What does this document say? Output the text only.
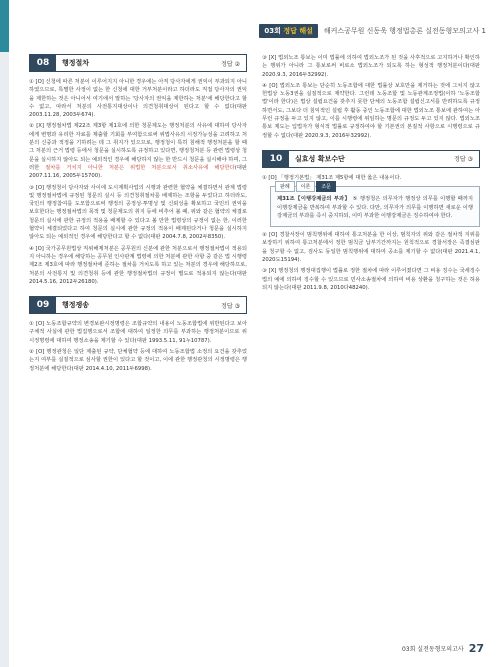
03회 정답 해설	해커스공무원 신동욱 행정법총론 실전동형모의고사 1
08	행정절차	정답 ②

① [O] 신청에 따른 처분이 이루어지지 아니한 경우에는 아직 당사자에게 권익이 부과되지 아니하였으므로, 특별한 사정이 없는 한 신청에 대한 거부처분이라고 하더라도 직접 당사자의 권익을 제한하는 것은 아니어서 여기에서 말하는 '당사자의 권익을 제한하는 처분'에 해당한다고 할 수 없고, 따라서 처분의 사전통지대상이나 의견청취대상이 된다고 할 수 없다(대판 2003.11.28, 2003두674).

② [X] 행정절차법 제22조 제3항 제1호에 의한 청문제도는 행정처분의 사유에 대하여 당사자에게 변명과 유리한 자료를 제출할 기회를 부여함으로써 위법사유의 시정가능성을 고려하고 처분의 신중과 적정을 기하려는 데 그 취지가 있으므로, 행정청이 특히 침해적 행정처분을 할 때 그 처분의 근거 법령 등에서 청문을 실시하도록 규정하고 있다면, 행정청처분 등 관련 법령상 청문을 실시하지 않아도 되는 예외적인 경우에 해당하지 않는 한 반드시 청문을 실시해야 하며, 그러한 절차를 거치지 아니한 처분은 위법한 처분으로서 취소사유에 해당한다(대판 2007.11.16, 2005두15700).

③ [O] 행정청이 당사자와 사이에 도시계획사업의 시행과 관련한 협약을 체결하면서 관계 법령 및 행정절차법에 규정된 청문의 실시 등 의견청취절차를 배제하는 조항을 두었다고 하더라도, 국민의 행정참여를 도모함으로써 행정의 공정성·투명성 및 신뢰성을 확보하고 국민의 권익을 보호한다는 행정절차법의 목적 및 청문제도의 취지 등에 비추어 볼 때, 위와 같은 협약의 체결로 청문의 실시에 관한 규정의 적용을 배제할 수 있다고 볼 만한 법령상의 규정이 없는 한, 이러한 협약이 체결되었다고 하여 청문의 실시에 관한 규정의 적용이 배제된다거나 청문을 실시하지 않아도 되는 예외적인 경우에 해당한다고 할 수 없다(대판 2004.7.8, 2002두8350).

④ [O] 국가공무원법상 직위해제처분은 공무원의 신분에 관한 처분으로서 행정절차법이 적용되지 아니하는 경우에 해당하는 공무원 인사관계 법령에 의한 처분에 관한 사항 중 같은 법 시행령 제2조 제3호에 따라 행정절차에 준하는 절차를 거치도록 하고 있는 처분의 경우에 해당하므로, 처분의 사전통지 및 의견청취 등에 관한 행정절차법의 규정이 별도로 적용되지 않는다(대판 2014.5.16, 2012두26180).

09	행정쟁송	정답 ③

① [O] 노동조합규약의 변경보완시정명령은 조합규약의 내용이 노동조합법에 위반된다고 보아 구체적 사실에 관한 법집행으로서 조합에 대하여 일정한 의무를 부과하는 행정처분이므로 위 시정명령에 대하여 행정소송을 제기할 수 있다(대판 1993.5.11, 91누10787).

② [O] 행정관청은 일단 제출된 규약, 단체협약 등에 대하여 노동조합법 소정의 요건을 갖추었는지 여부를 실질적으로 심사할 권한이 있다고 할 것이고, 이에 관한 행정관청의 시정명령은 행정처분에 해당한다(대판 2014.4.10, 2011두6998).

③ [X] 법외노조 통보는 이미 법률에 의하여 법외노조가 된 것을 사후적으로 고지하거나 확인하는 행위가 아니라 그 통보로써 비로소 법외노조가 되도록 하는 형성적 행정처분이다(대판 2020.9.3, 2016두32992).

④ [O] 법외노조 통보는 단순히 노동조합에 대한 법률상 보호만을 제거하는 것에 그치지 않고 헌법상 노동3권을 실질적으로 제약한다. 그런데 노동조합 및 노동관계조정법(이하 '노동조합법'이라 한다)은 법상 설립요건을 갖추지 못한 단체의 노동조합 설립신고서를 반려하도록 규정하면서도, 그보다 더 침익적인 설립 후 활동 중인 노동조합에 대한 법외노조 통보에 관하여는 아무런 규정을 두고 있지 않고, 이를 시행령에 위임하는 명문의 규정도 두고 있지 않다. 법외노조 통보 제도는 입법자가 형식적 법률로 규정하여야 할 기본권의 본질적 사항으로 시행령으로 규정할 수 없다(대판 2020.9.3, 2016두32992).

10	실효성 확보수단	정답 ③

① [O] 「행정기본법」 제31조 제5항에 대한 옳은 내용이다.

판례	이론	조문

제31조【이행강제금의 부과】 ⑤ 행정청은 의무자가 행정상 의무를 이행할 때까지 이행강제금을 반복하여 부과할 수 있다. 다만, 의무자가 의무를 이행하면 새로운 이행강제금의 부과를 즉시 중지하되, 이미 부과한 이행강제금은 징수하여야 한다.

② [O] 경찰서장이 범칙행위에 대하여 통고처분을 한 이상, 범칙자의 위와 같은 절차적 지위를 보장하기 위하여 통고처분에서 정한 범칙금 납부기간까지는 원칙적으로 경찰서장은 즉결심판을 청구할 수 없고, 검사도 동일한 범칙행위에 대하여 공소를 제기할 수 없다(대판 2021.4.1, 2020도15194).

③ [X] 행정청의 행정대집행이 법률로 정한 절차에 따라 이루어졌다면 그 비용 징수는 국세징수법의 예에 의하여 징수할 수 있으므로 민사소송절차에 의하여 비용 상환을 청구하는 것은 허용되지 않는다(대판 2011.9.8, 2010다48240).

03회 실전동형모의고사 27
